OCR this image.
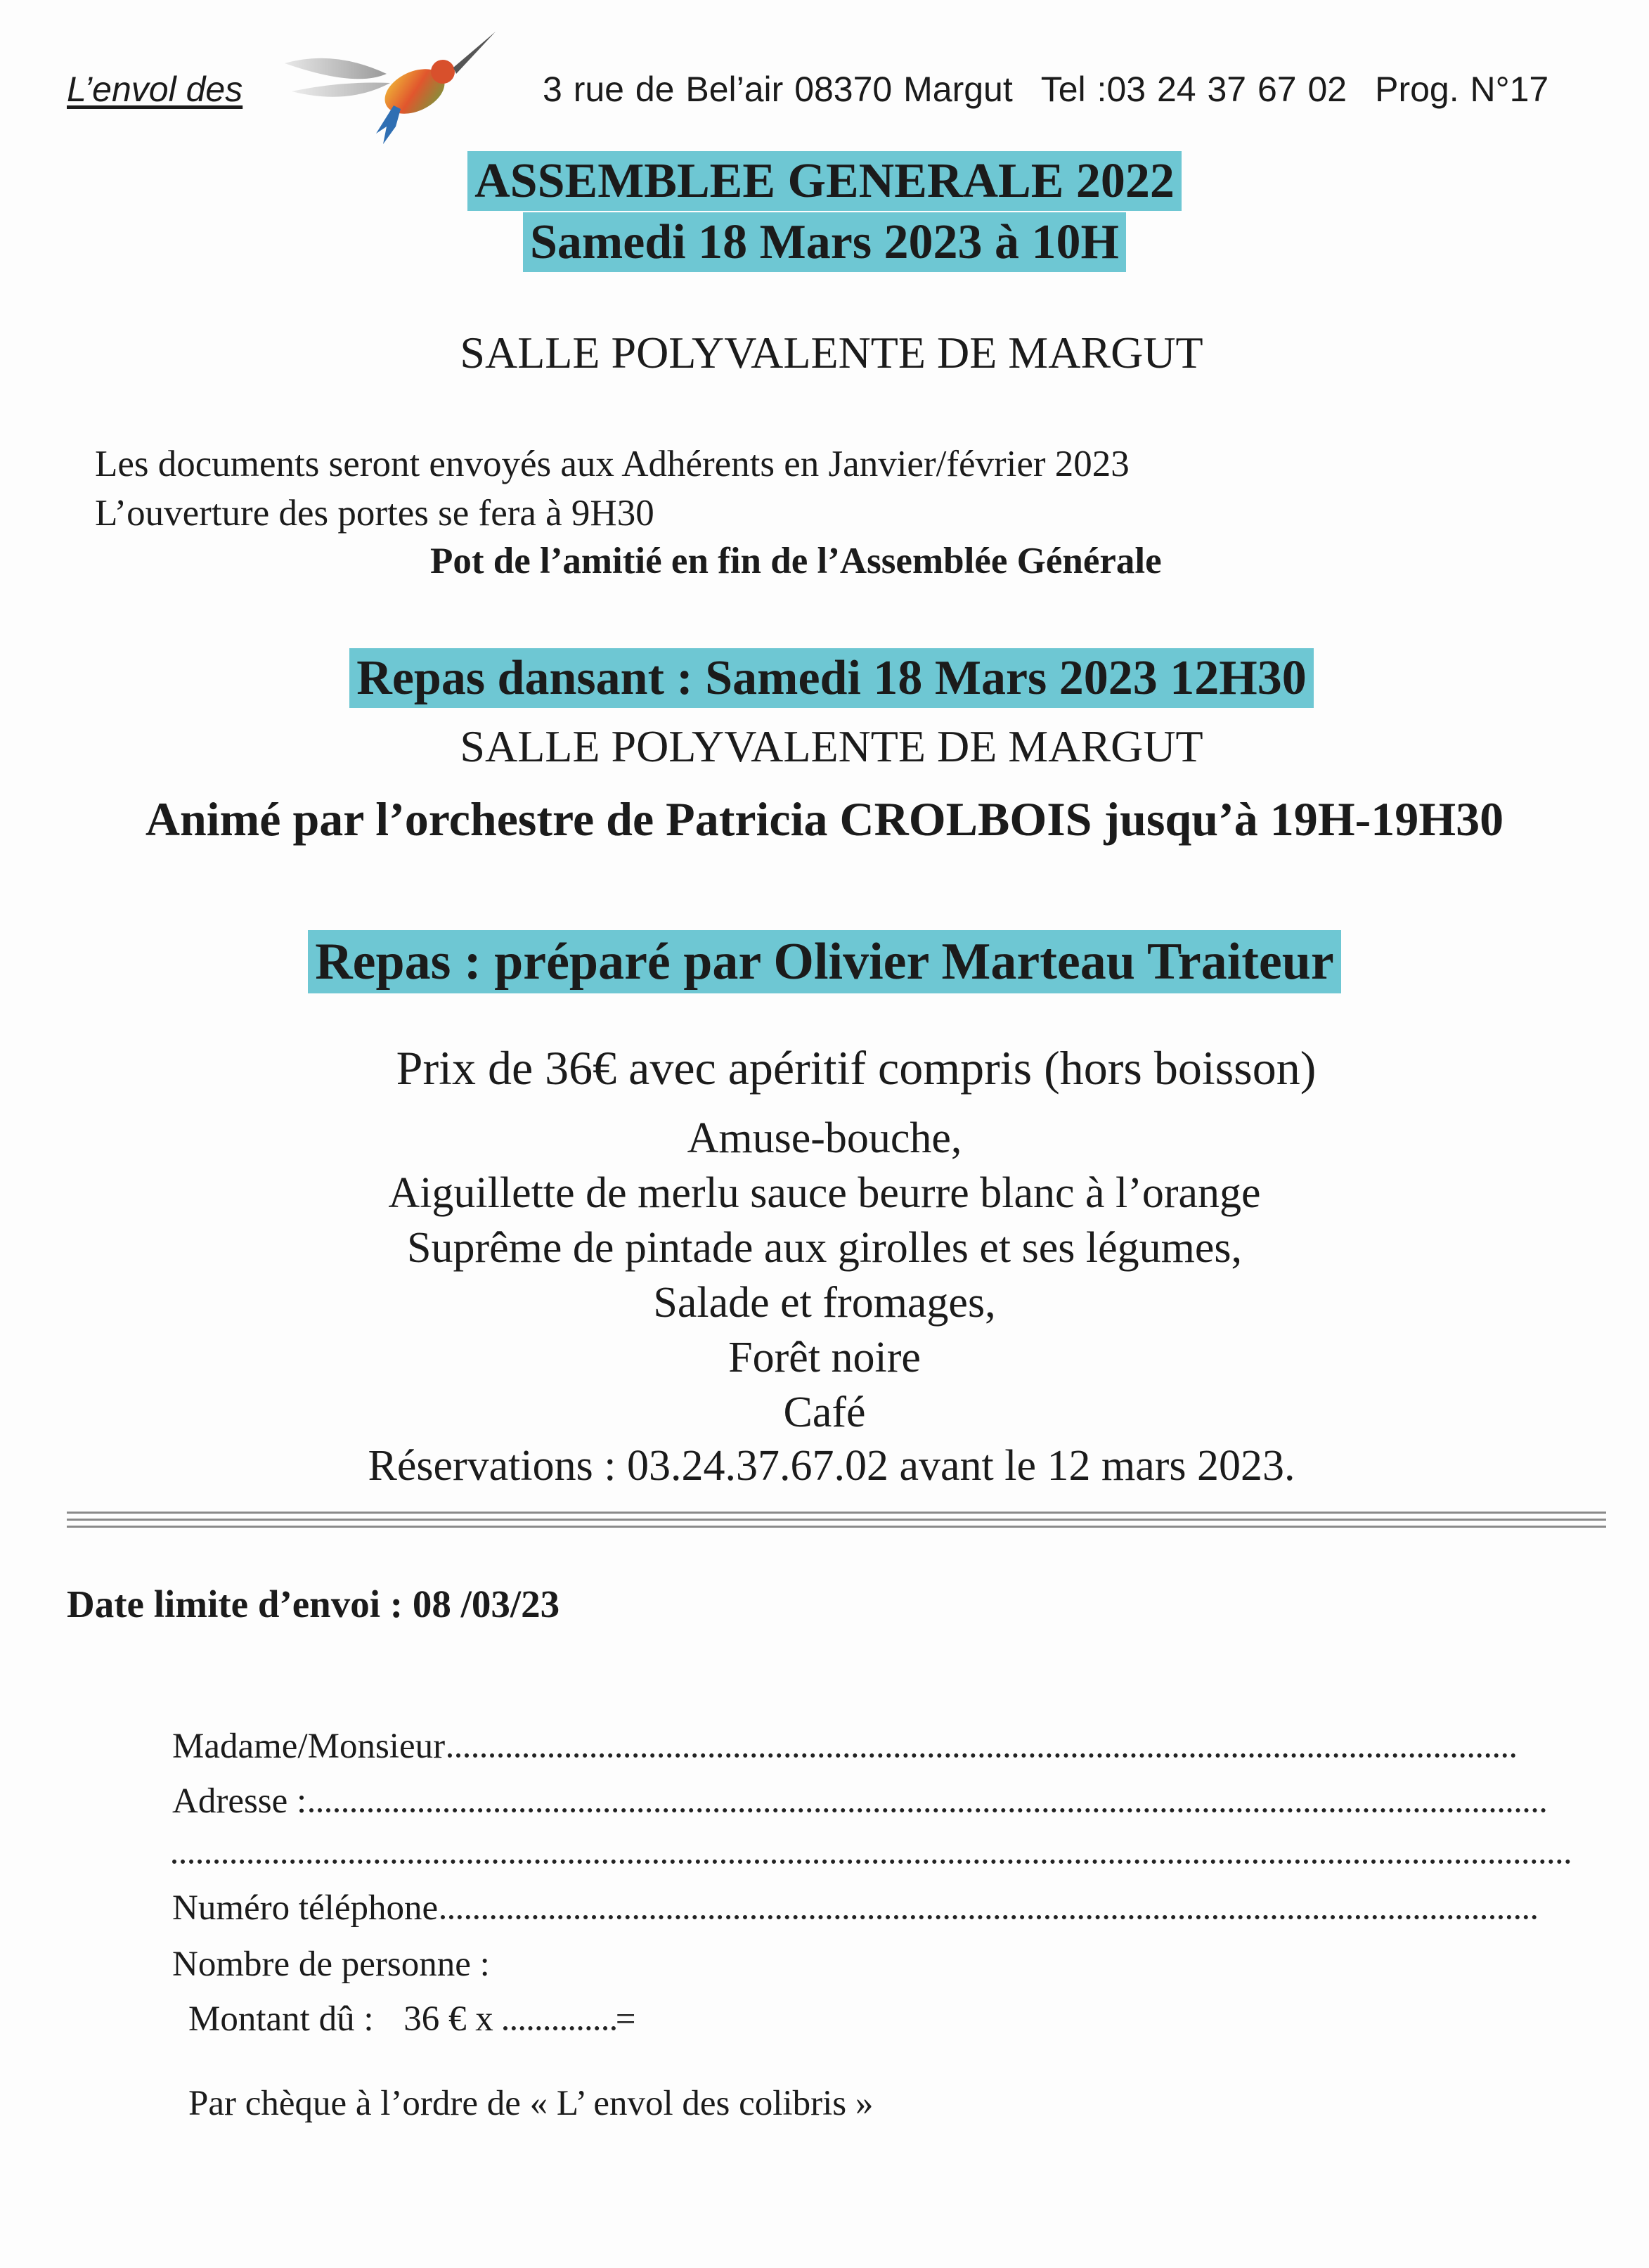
L’envol des	3 rue de Bel’air 08370 Margut Tel :03 24 37 67 02 Prog. N°17
ASSEMBLEE GENERALE 2022
Samedi 18 Mars 2023 à 10H
SALLE POLYVALENTE DE MARGUT
Les documents seront envoyés aux Adhérents en Janvier/février 2023
L’ouverture des portes se fera à 9H30
Pot de l’amitié en fin de l’Assemblée Générale
Repas dansant : Samedi 18 Mars 2023 12H30
SALLE POLYVALENTE DE MARGUT
Animé par l’orchestre de Patricia CROLBOIS jusqu’à 19H-19H30
Repas : préparé par Olivier Marteau Traiteur
Prix de 36€ avec apéritif compris (hors boisson)
Amuse-bouche,
Aiguillette de merlu sauce beurre blanc à l’orange
Suprême de pintade aux girolles et ses légumes,
Salade et fromages,
Forêt noire
Café
Réservations : 03.24.37.67.02 avant le 12 mars 2023.
Date limite d’envoi : 08 /03/23
Madame/Monsieur
Adresse :
Numéro téléphone
Nombre de personne :
Montant dû : 36 € x	=
Par chèque à l’ordre de « L’ envol des colibris »
